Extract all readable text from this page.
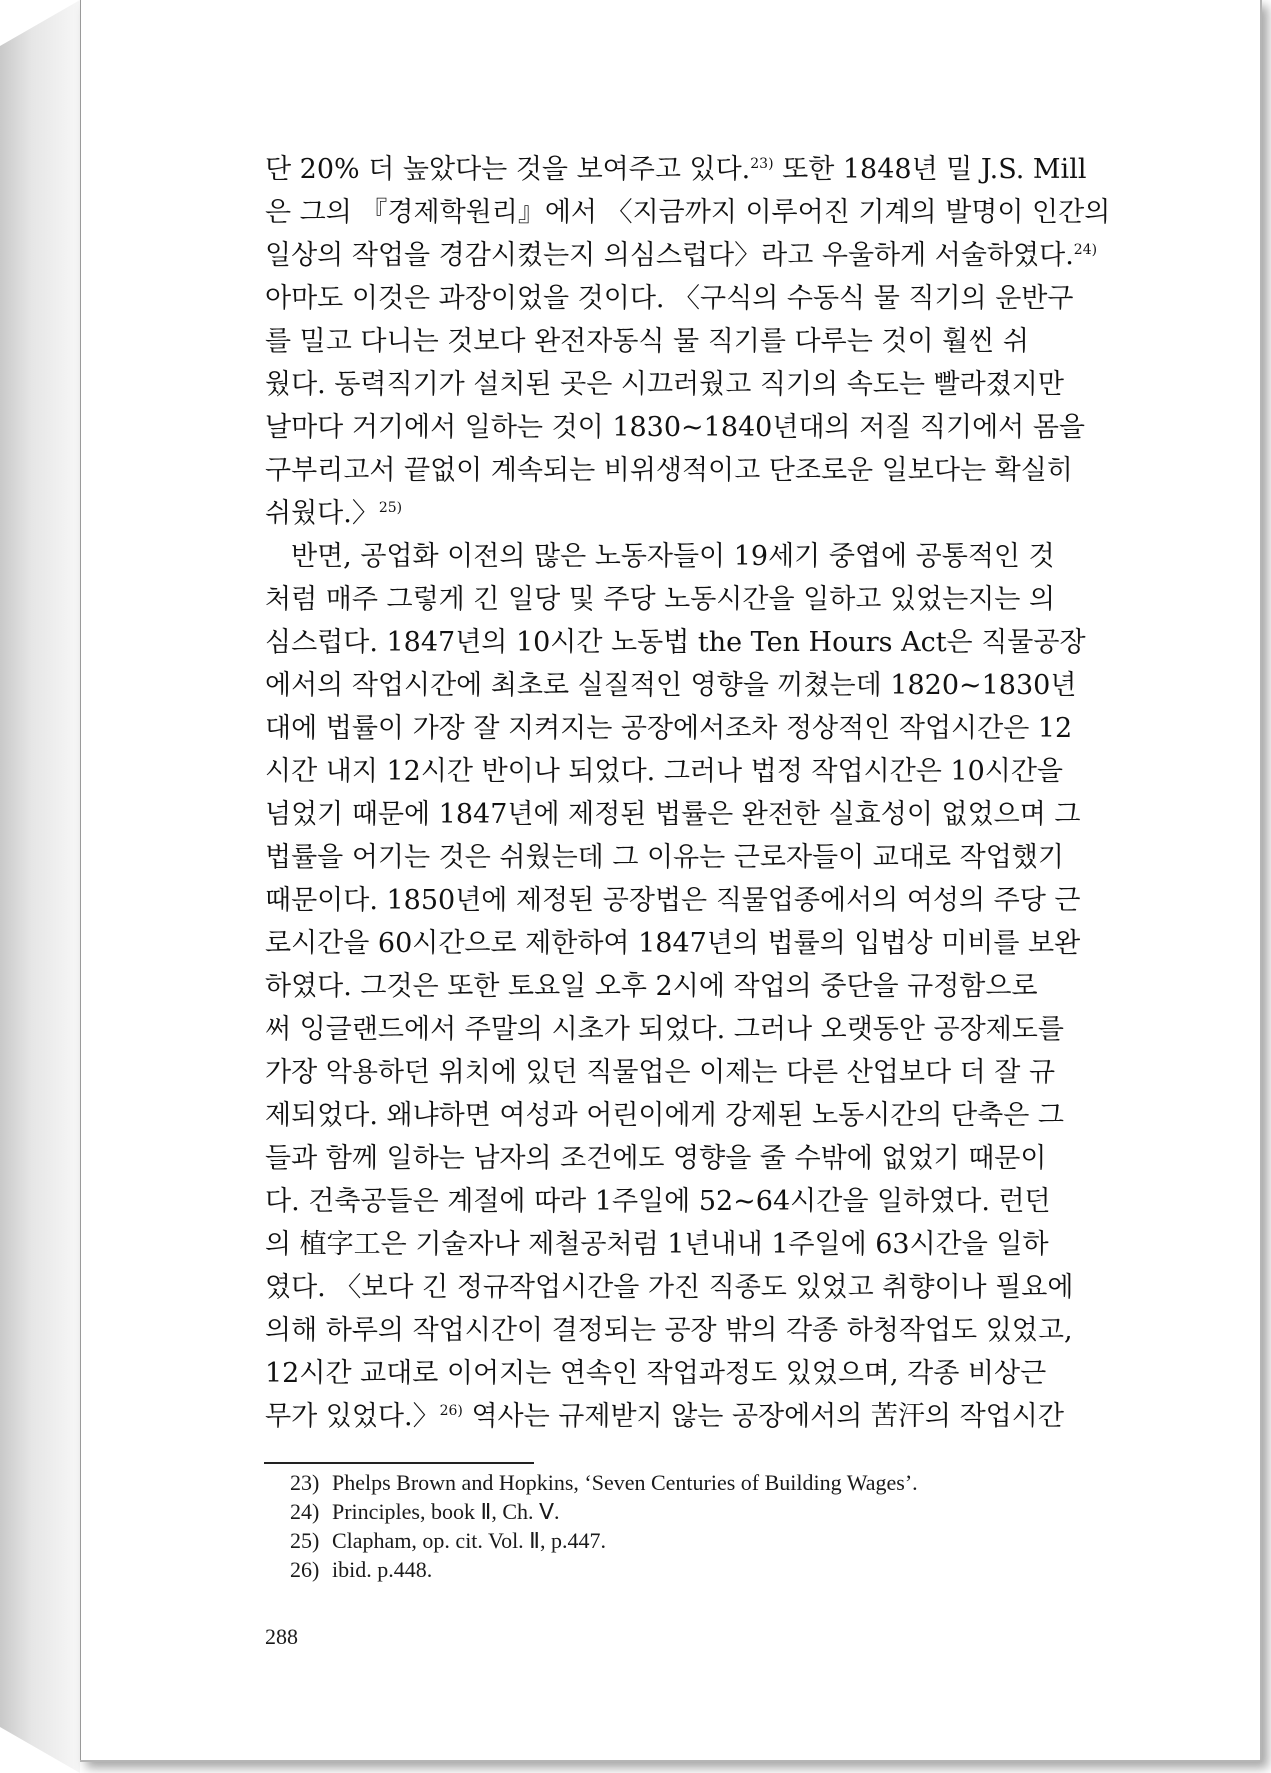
단 20% 더 높았다는 것을 보여주고 있다.$^{23)}$ 또한 1848년 밀 J.S. Mill
은 그의 『경제학원리』에서 〈지금까지 이루어진 기계의 발명이 인간의
일상의 작업을 경감시켰는지 의심스럽다〉라고 우울하게 서술하였다.$^{24)}$
아마도 이것은 과장이었을 것이다. 〈구식의 수동식 물 직기의 운반구
를 밀고 다니는 것보다 완전자동식 물 직기를 다루는 것이 훨씬 쉬
웠다. 동력직기가 설치된 곳은 시끄러웠고 직기의 속도는 빨라졌지만
날마다 거기에서 일하는 것이 1830~1840년대의 저질 직기에서 몸을
구부리고서 끝없이 계속되는 비위생적이고 단조로운 일보다는 확실히
쉬웠다.〉$^{25)}$
반면, 공업화 이전의 많은 노동자들이 19세기 중엽에 공통적인 것
처럼 매주 그렇게 긴 일당 및 주당 노동시간을 일하고 있었는지는 의
심스럽다. 1847년의 10시간 노동법 the Ten Hours Act은 직물공장
에서의 작업시간에 최초로 실질적인 영향을 끼쳤는데 1820~1830년
대에 법률이 가장 잘 지켜지는 공장에서조차 정상적인 작업시간은 12
시간 내지 12시간 반이나 되었다. 그러나 법정 작업시간은 10시간을
넘었기 때문에 1847년에 제정된 법률은 완전한 실효성이 없었으며 그
법률을 어기는 것은 쉬웠는데 그 이유는 근로자들이 교대로 작업했기
때문이다. 1850년에 제정된 공장법은 직물업종에서의 여성의 주당 근
로시간을 60시간으로 제한하여 1847년의 법률의 입법상 미비를 보완
하였다. 그것은 또한 토요일 오후 2시에 작업의 중단을 규정함으로
써 잉글랜드에서 주말의 시초가 되었다. 그러나 오랫동안 공장제도를
가장 악용하던 위치에 있던 직물업은 이제는 다른 산업보다 더 잘 규
제되었다. 왜냐하면 여성과 어린이에게 강제된 노동시간의 단축은 그
들과 함께 일하는 남자의 조건에도 영향을 줄 수밖에 없었기 때문이
다. 건축공들은 계절에 따라 1주일에 52~64시간을 일하였다. 런던
의 植字工은 기술자나 제철공처럼 1년내내 1주일에 63시간을 일하
였다. 〈보다 긴 정규작업시간을 가진 직종도 있었고 취향이나 필요에
의해 하루의 작업시간이 결정되는 공장 밖의 각종 하청작업도 있었고,
12시간 교대로 이어지는 연속인 작업과정도 있었으며, 각종 비상근
무가 있었다.〉$^{26)}$ 역사는 규제받지 않는 공장에서의 苦汗의 작업시간
23) Phelps Brown and Hopkins, ‘Seven Centuries of Building Wages’.
24) Principles, book Ⅱ, Ch. Ⅴ.
25) Clapham, op. cit. Vol. Ⅱ, p.447.
26) ibid. p.448.
288
